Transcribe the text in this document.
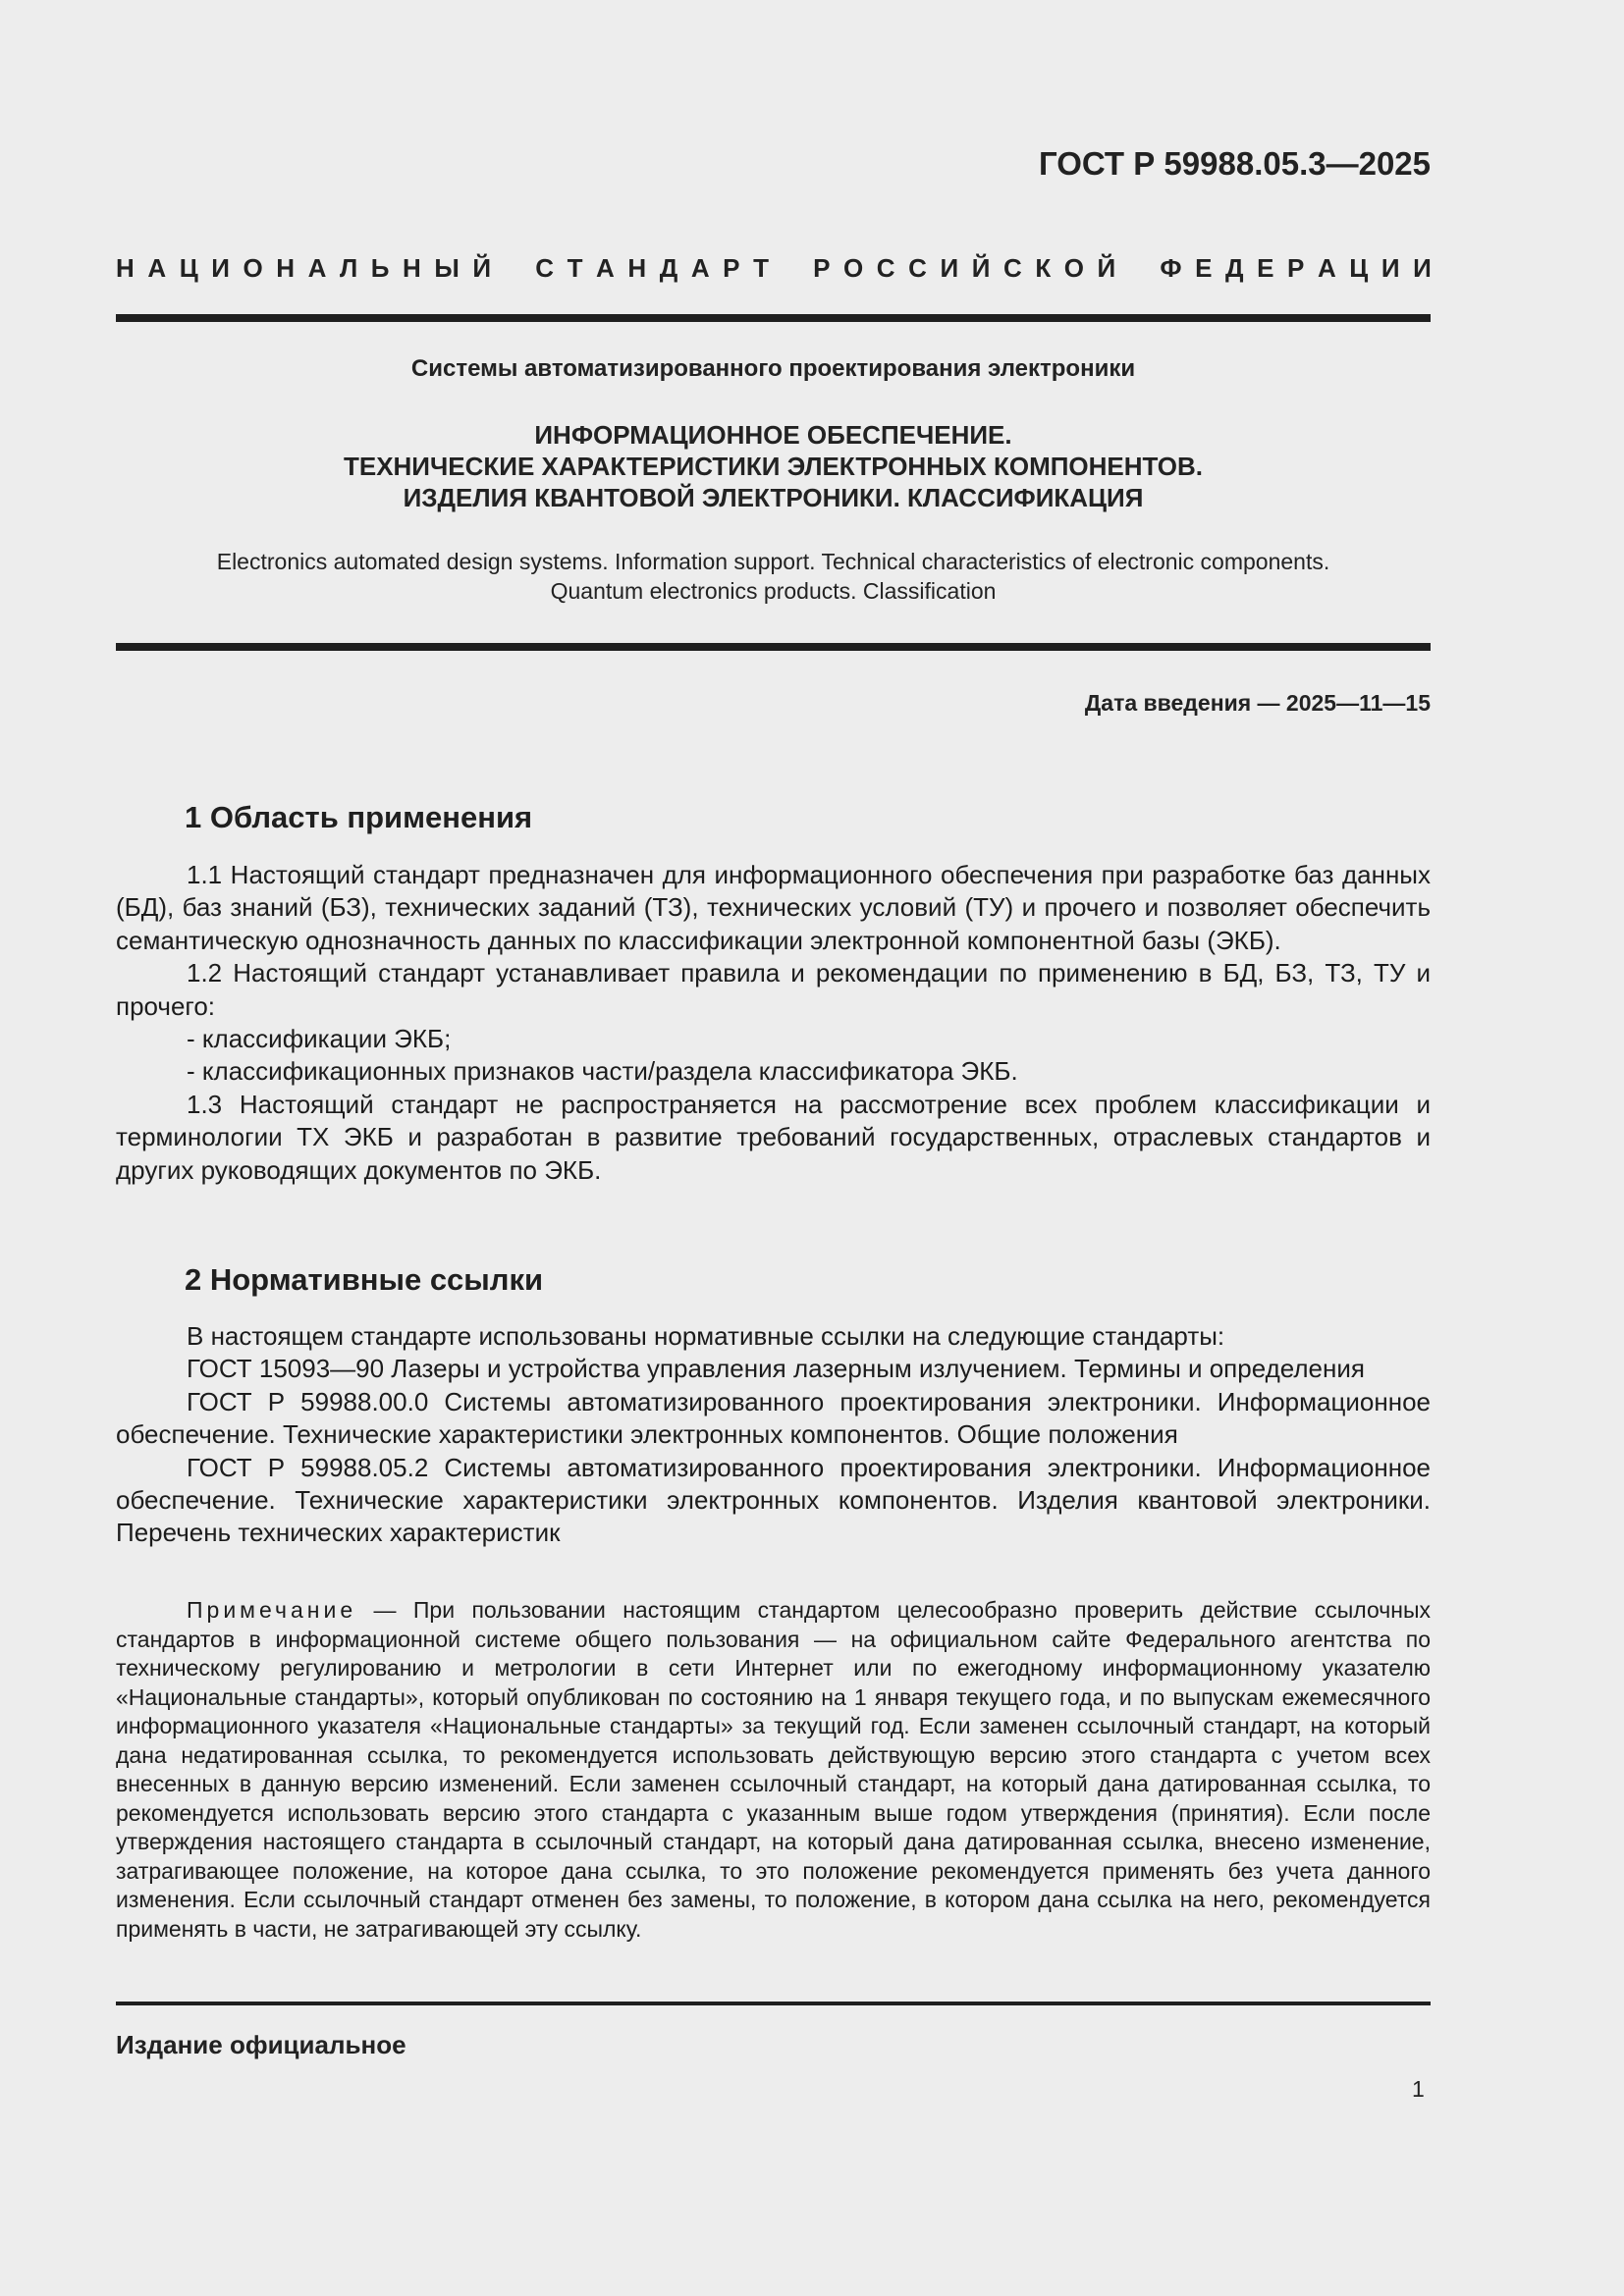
ГОСТ Р 59988.05.3—2025
Н А Ц И О Н А Л Ь Н Ы Й С Т А Н Д А Р Т Р О С С И Й С К О Й Ф Е Д Е Р А Ц И И
Системы автоматизированного проектирования электроники
ИНФОРМАЦИОННОЕ ОБЕСПЕЧЕНИЕ.
ТЕХНИЧЕСКИЕ ХАРАКТЕРИСТИКИ ЭЛЕКТРОННЫХ КОМПОНЕНТОВ.
ИЗДЕЛИЯ КВАНТОВОЙ ЭЛЕКТРОНИКИ. КЛАССИФИКАЦИЯ
Electronics automated design systems. Information support. Technical characteristics of electronic components.
Quantum electronics products. Classification
Дата введения — 2025—11—15
1 Область применения

1.1 Настоящий стандарт предназначен для информационного обеспечения при разработке баз данных (БД), баз знаний (БЗ), технических заданий (ТЗ), технических условий (ТУ) и прочего и позволяет обеспечить семантическую однозначность данных по классификации электронной компонентной базы (ЭКБ).

1.2 Настоящий стандарт устанавливает правила и рекомендации по применению в БД, БЗ, ТЗ, ТУ и прочего:

- классификации ЭКБ;

- классификационных признаков части/раздела классификатора ЭКБ.

1.3 Настоящий стандарт не распространяется на рассмотрение всех проблем классификации и терминологии ТХ ЭКБ и разработан в развитие требований государственных, отраслевых стандартов и других руководящих документов по ЭКБ.

2 Нормативные ссылки

В настоящем стандарте использованы нормативные ссылки на следующие стандарты:

ГОСТ 15093—90 Лазеры и устройства управления лазерным излучением. Термины и определения

ГОСТ Р 59988.00.0 Системы автоматизированного проектирования электроники. Информационное обеспечение. Технические характеристики электронных компонентов. Общие положения

ГОСТ Р 59988.05.2 Системы автоматизированного проектирования электроники. Информационное обеспечение. Технические характеристики электронных компонентов. Изделия квантовой электроники. Перечень технических характеристик

Примечание — При пользовании настоящим стандартом целесообразно проверить действие ссылочных стандартов в информационной системе общего пользования — на официальном сайте Федерального агентства по техническому регулированию и метрологии в сети Интернет или по ежегодному информационному указателю «Национальные стандарты», который опубликован по состоянию на 1 января текущего года, и по выпускам ежемесячного информационного указателя «Национальные стандарты» за текущий год. Если заменен ссылочный стандарт, на который дана недатированная ссылка, то рекомендуется использовать действующую версию этого стандарта с учетом всех внесенных в данную версию изменений. Если заменен ссылочный стандарт, на который дана датированная ссылка, то рекомендуется использовать версию этого стандарта с указанным выше годом утверждения (принятия). Если после утверждения настоящего стандарта в ссылочный стандарт, на который дана датированная ссылка, внесено изменение, затрагивающее положение, на которое дана ссылка, то это положение рекомендуется применять без учета данного изменения. Если ссылочный стандарт отменен без замены, то положение, в котором дана ссылка на него, рекомендуется применять в части, не затрагивающей эту ссылку.

Издание официальное
1
